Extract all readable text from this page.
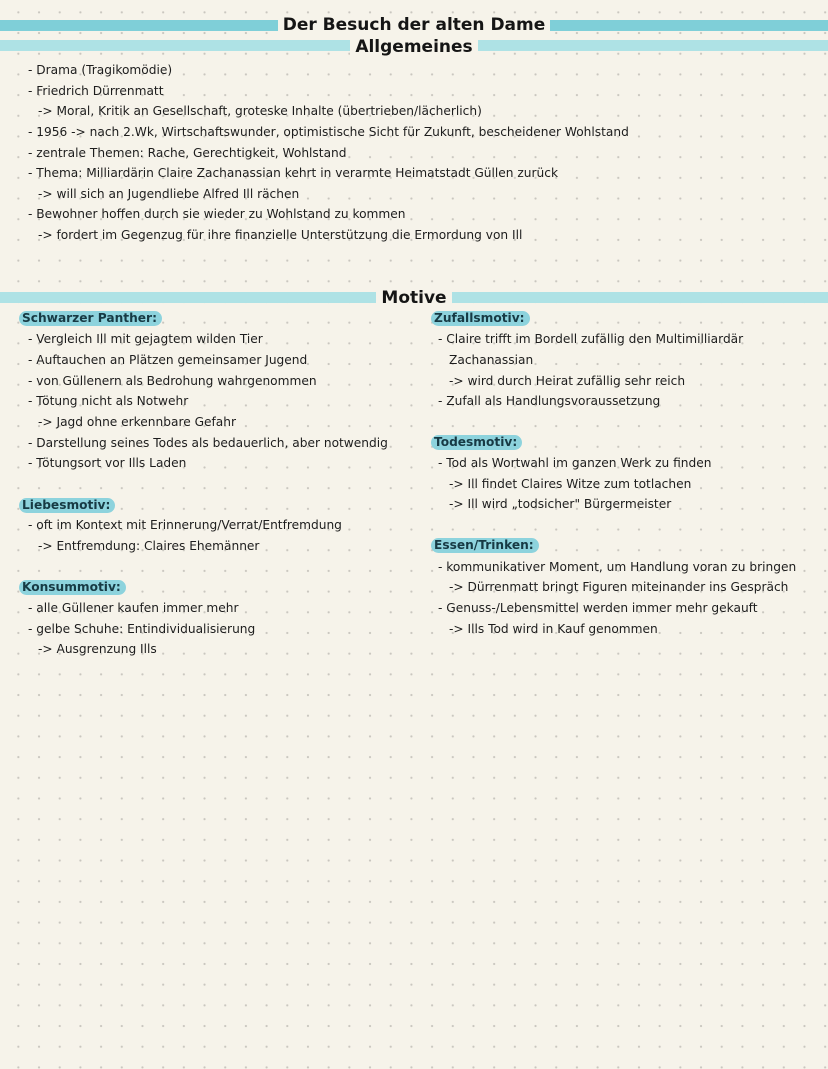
Der Besuch der alten Dame
Allgemeines
Motive
- Drama (Tragikomödie)
- Friedrich Dürrenmatt
-> Moral, Kritik an Gesellschaft, groteske Inhalte (übertrieben/lächerlich)
- 1956 -> nach 2.Wk, Wirtschaftswunder, optimistische Sicht für Zukunft, bescheidener Wohlstand
- zentrale Themen: Rache, Gerechtigkeit, Wohlstand
- Thema: Milliardärin Claire Zachanassian kehrt in verarmte Heimatstadt Güllen zurück
-> will sich an Jugendliebe Alfred Ill rächen
- Bewohner hoffen durch sie wieder zu Wohlstand zu kommen
-> fordert im Gegenzug für ihre finanzielle Unterstützung die Ermordung von Ill
Schwarzer Panther:
- Vergleich Ill mit gejagtem wilden Tier
- Auftauchen an Plätzen gemeinsamer Jugend
- von Güllenern als Bedrohung wahrgenommen
- Tötung nicht als Notwehr
-> Jagd ohne erkennbare Gefahr
- Darstellung seines Todes als bedauerlich, aber notwendig
- Tötungsort vor Ills Laden
Liebesmotiv:
- oft im Kontext mit Erinnerung/Verrat/Entfremdung
-> Entfremdung: Claires Ehemänner
Konsummotiv:
- alle Güllener kaufen immer mehr
- gelbe Schuhe: Entindividualisierung
-> Ausgrenzung Ills
Zufallsmotiv:
- Claire trifft im Bordell zufällig den Multimilliardär
Zachanassian
-> wird durch Heirat zufällig sehr reich
- Zufall als Handlungsvoraussetzung
Todesmotiv:
- Tod als Wortwahl im ganzen Werk zu finden
-> Ill findet Claires Witze zum totlachen
-> Ill wird „todsicher" Bürgermeister
Essen/Trinken:
- kommunikativer Moment, um Handlung voran zu bringen
-> Dürrenmatt bringt Figuren miteinander ins Gespräch
- Genuss-/Lebensmittel werden immer mehr gekauft
-> Ills Tod wird in Kauf genommen
